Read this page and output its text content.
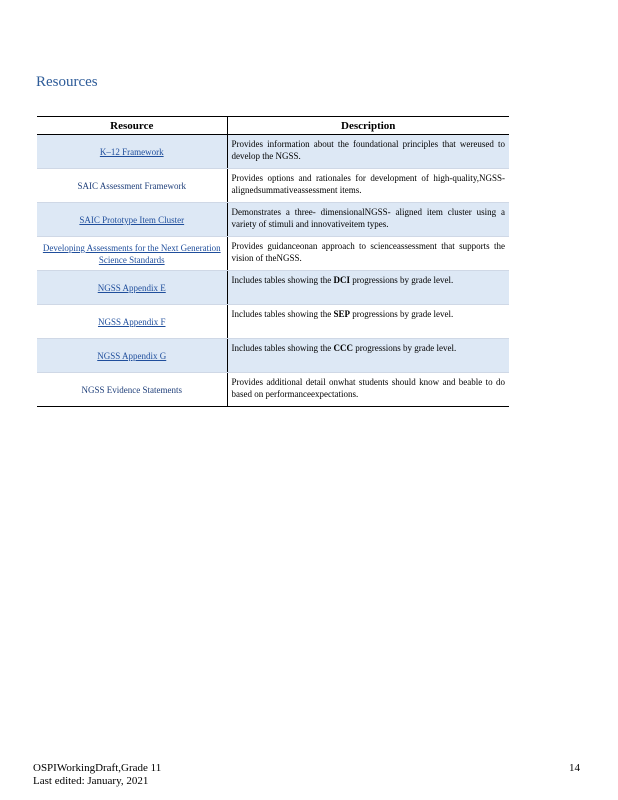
Resources
Resource	Description
K–12 Framework	Provides information about the foundational principles that wereused to develop the NGSS.
SAIC Assessment Framework	Provides options and rationales for development of high-quality,NGSS- alignedsummativeassessment items.
SAIC Prototype Item Cluster	Demonstrates a three- dimensionalNGSS- aligned item cluster using a variety of stimuli and innovativeitem types.
Developing Assessments for the Next Generation Science Standards	Provides guidanceonan approach to scienceassessment that supports the vision of theNGSS.
NGSS Appendix E	Includes tables showing the DCI progressions by grade level.
NGSS Appendix F	Includes tables showing the SEP progressions by grade level.
NGSS Appendix G	Includes tables showing the CCC progressions by grade level.
NGSS Evidence Statements	Provides additional detail onwhat students should know and beable to do based on performanceexpectations.
OSPIWorkingDraft,Grade 11
Last edited: January, 2021
14
